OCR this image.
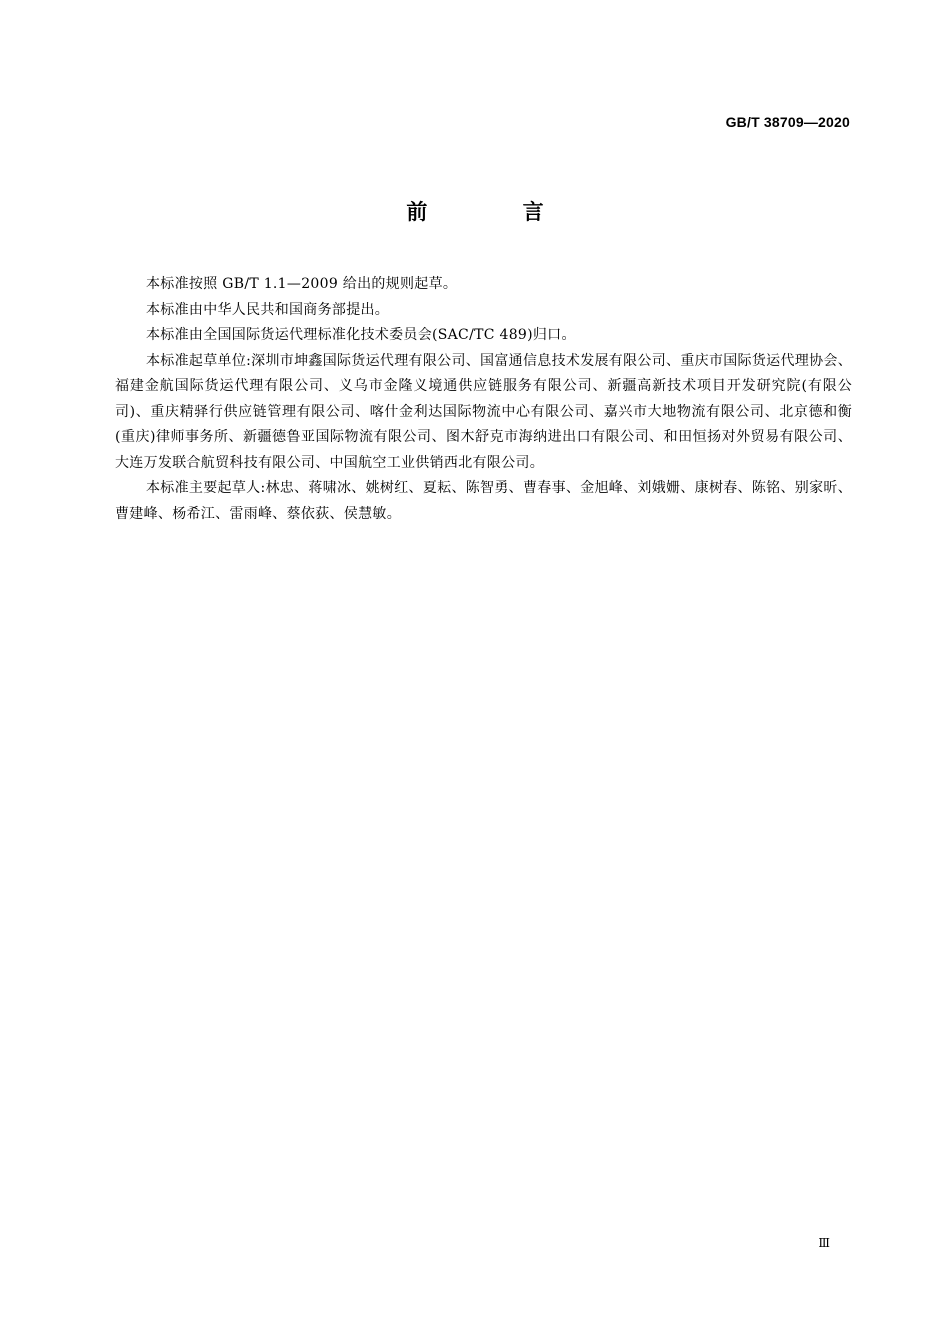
GB/T 38709—2020
前 言

本标准按照 GB/T 1.1—2009 给出的规则起草。

本标准由中华人民共和国商务部提出。

本标准由全国国际货运代理标准化技术委员会(SAC/TC 489)归口。

本标准起草单位:深圳市坤鑫国际货运代理有限公司、国富通信息技术发展有限公司、重庆市国际货运代理协会、福建金航国际货运代理有限公司、义乌市金隆义境通供应链服务有限公司、新疆高新技术项目开发研究院(有限公司)、重庆精驿行供应链管理有限公司、喀什金利达国际物流中心有限公司、嘉兴市大地物流有限公司、北京德和衡(重庆)律师事务所、新疆德鲁亚国际物流有限公司、图木舒克市海纳进出口有限公司、和田恒扬对外贸易有限公司、大连万发联合航贸科技有限公司、中国航空工业供销西北有限公司。

本标准主要起草人:林忠、蒋啸冰、姚树红、夏耘、陈智勇、曹春事、金旭峰、刘娥姗、康树春、陈铭、别家昕、曹建峰、杨希江、雷雨峰、蔡依荻、侯慧敏。

Ⅲ
